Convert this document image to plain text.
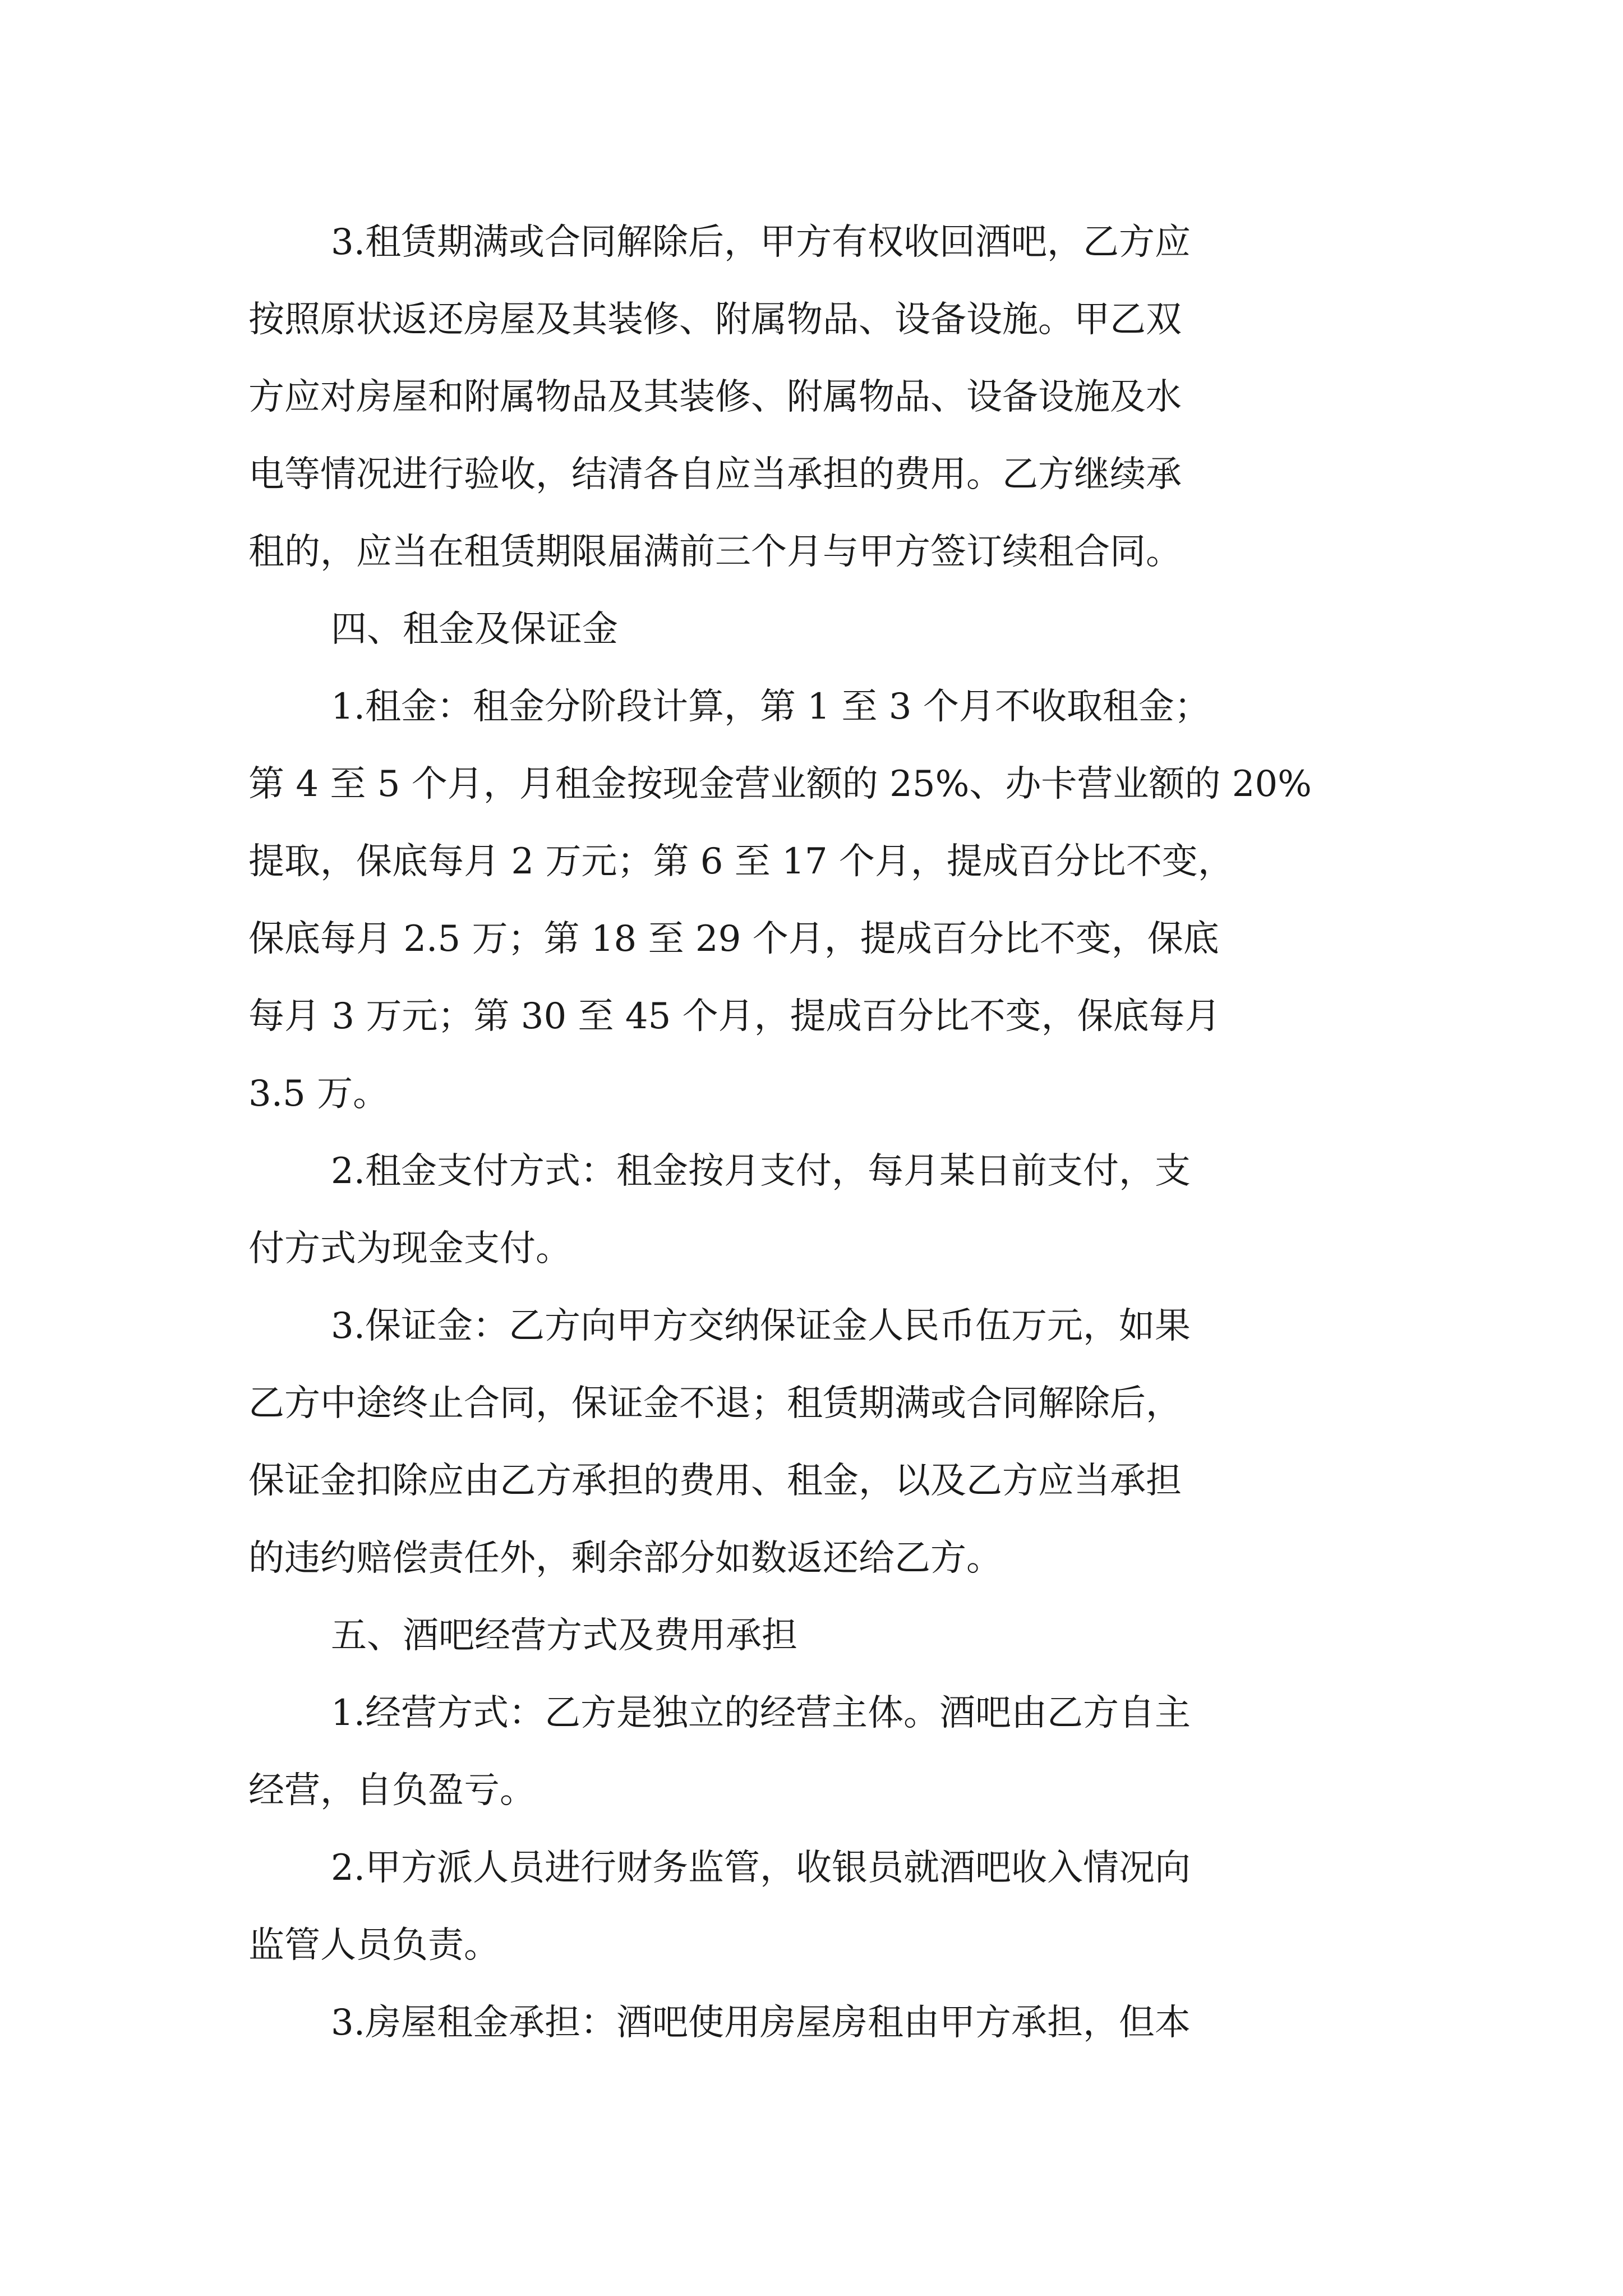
3.租赁期满或合同解除后，甲方有权收回酒吧，乙方应
按照原状返还房屋及其装修、附属物品、设备设施。甲乙双
方应对房屋和附属物品及其装修、附属物品、设备设施及水
电等情况进行验收，结清各自应当承担的费用。乙方继续承
租的，应当在租赁期限届满前三个月与甲方签订续租合同。
四、租金及保证金
1.租金：租金分阶段计算，第 1 至 3 个月不收取租金；
第 4 至 5 个月，月租金按现金营业额的 25%、办卡营业额的 20%
提取，保底每月 2 万元；第 6 至 17 个月，提成百分比不变，
保底每月 2.5 万；第 18 至 29 个月，提成百分比不变，保底
每月 3 万元；第 30 至 45 个月，提成百分比不变，保底每月
3.5 万。
2.租金支付方式：租金按月支付，每月某日前支付，支
付方式为现金支付。
3.保证金：乙方向甲方交纳保证金人民币伍万元，如果
乙方中途终止合同，保证金不退；租赁期满或合同解除后，
保证金扣除应由乙方承担的费用、租金，以及乙方应当承担
的违约赔偿责任外，剩余部分如数返还给乙方。
五、酒吧经营方式及费用承担
1.经营方式：乙方是独立的经营主体。酒吧由乙方自主
经营，自负盈亏。
2.甲方派人员进行财务监管，收银员就酒吧收入情况向
监管人员负责。
3.房屋租金承担：酒吧使用房屋房租由甲方承担，但本
